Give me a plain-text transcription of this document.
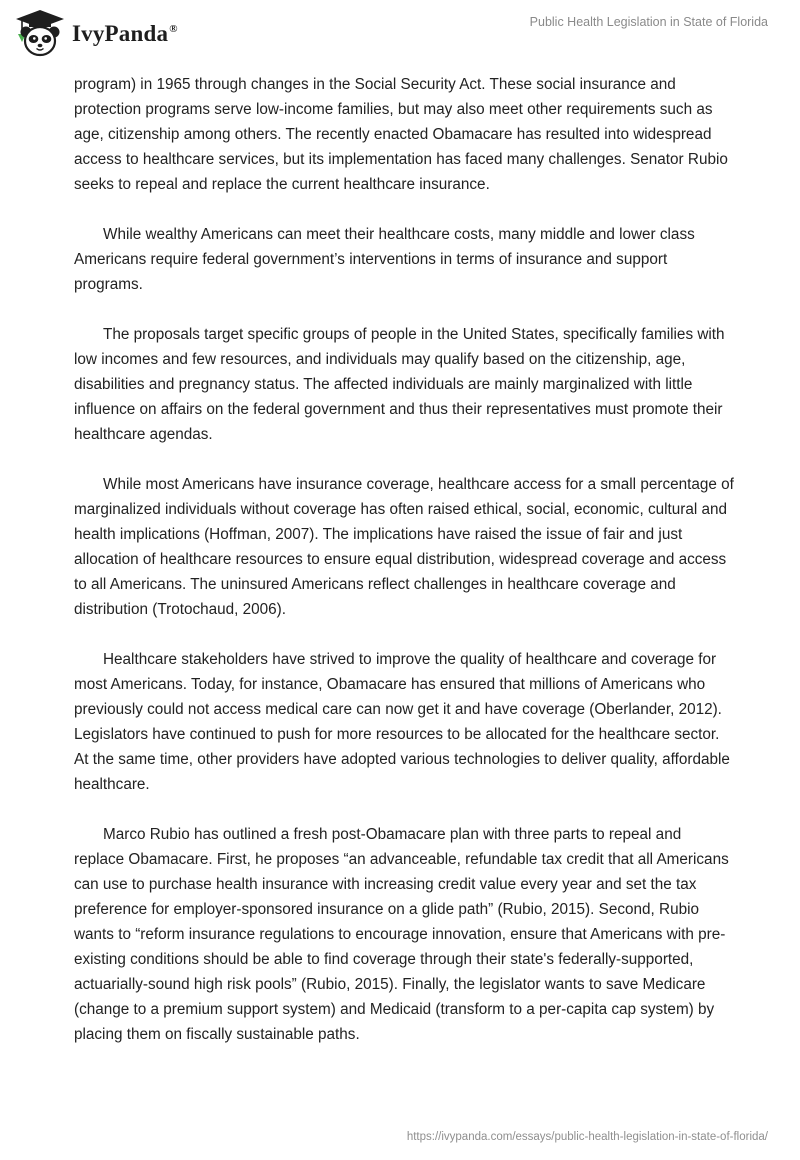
IvyPanda®
Public Health Legislation in State of Florida

program) in 1965 through changes in the Social Security Act. These social insurance and protection programs serve low-income families, but may also meet other requirements such as age, citizenship among others. The recently enacted Obamacare has resulted into widespread access to healthcare services, but its implementation has faced many challenges. Senator Rubio seeks to repeal and replace the current healthcare insurance.

While wealthy Americans can meet their healthcare costs, many middle and lower class Americans require federal government’s interventions in terms of insurance and support programs.

The proposals target specific groups of people in the United States, specifically families with low incomes and few resources, and individuals may qualify based on the citizenship, age, disabilities and pregnancy status. The affected individuals are mainly marginalized with little influence on affairs on the federal government and thus their representatives must promote their healthcare agendas.

While most Americans have insurance coverage, healthcare access for a small percentage of marginalized individuals without coverage has often raised ethical, social, economic, cultural and health implications (Hoffman, 2007). The implications have raised the issue of fair and just allocation of healthcare resources to ensure equal distribution, widespread coverage and access to all Americans. The uninsured Americans reflect challenges in healthcare coverage and distribution (Trotochaud, 2006).

Healthcare stakeholders have strived to improve the quality of healthcare and coverage for most Americans. Today, for instance, Obamacare has ensured that millions of Americans who previously could not access medical care can now get it and have coverage (Oberlander, 2012). Legislators have continued to push for more resources to be allocated for the healthcare sector. At the same time, other providers have adopted various technologies to deliver quality, affordable healthcare.

Marco Rubio has outlined a fresh post-Obamacare plan with three parts to repeal and replace Obamacare. First, he proposes “an advanceable, refundable tax credit that all Americans can use to purchase health insurance with increasing credit value every year and set the tax preference for employer-sponsored insurance on a glide path” (Rubio, 2015). Second, Rubio wants to “reform insurance regulations to encourage innovation, ensure that Americans with pre-existing conditions should be able to find coverage through their state's federally-supported, actuarially-sound high risk pools” (Rubio, 2015). Finally, the legislator wants to save Medicare (change to a premium support system) and Medicaid (transform to a per-capita cap system) by placing them on fiscally sustainable paths.

https://ivypanda.com/essays/public-health-legislation-in-state-of-florida/
